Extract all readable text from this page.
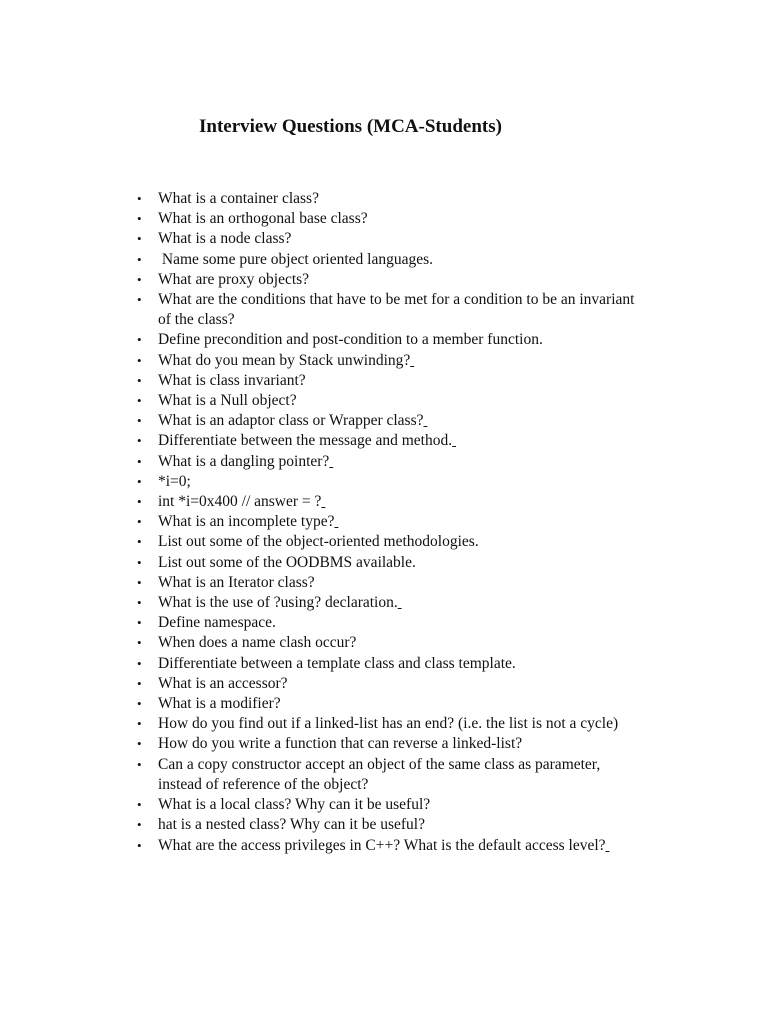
Interview Questions (MCA-Students)
• What is a container class?
• What is an orthogonal base class?
• What is a node class?
•  Name some pure object oriented languages.
• What are proxy objects?
• What are the conditions that have to be met for a condition to be an invariant of the class?
• Define precondition and post-condition to a member function.
• What do you mean by Stack unwinding?
• What is class invariant?
• What is a Null object?
• What is an adaptor class or Wrapper class?
• Differentiate between the message and method.
• What is a dangling pointer?
• *i=0;
• int *i=0x400 // answer = ?
• What is an incomplete type?
• List out some of the object-oriented methodologies.
• List out some of the OODBMS available.
• What is an Iterator class?
• What is the use of ?using? declaration.
• Define namespace.
• When does a name clash occur?
• Differentiate between a template class and class template.
• What is an accessor?
• What is a modifier?
• How do you find out if a linked-list has an end? (i.e. the list is not a cycle)
• How do you write a function that can reverse a linked-list?
• Can a copy constructor accept an object of the same class as parameter, instead of reference of the object?
• What is a local class? Why can it be useful?
• hat is a nested class? Why can it be useful?
• What are the access privileges in C++? What is the default access level?
